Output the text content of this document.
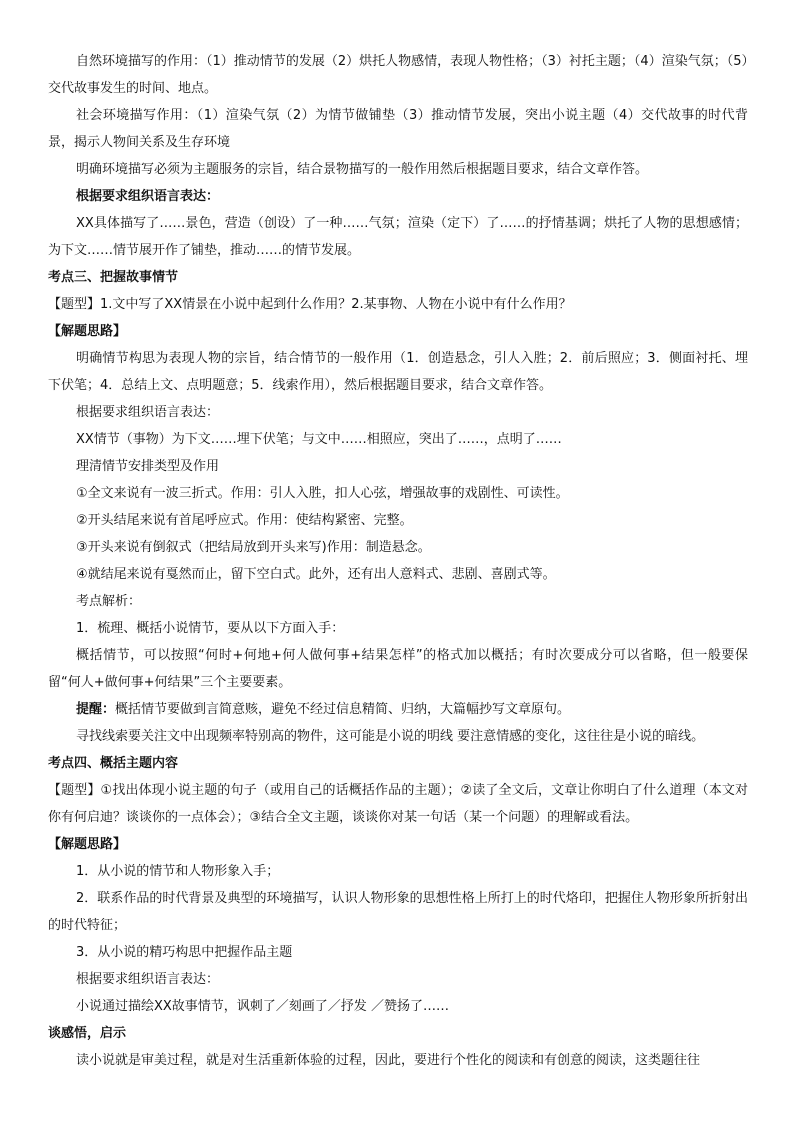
自然环境描写的作用：（1）推动情节的发展（2）烘托人物感情，表现人物性格；（3）衬托主题；（4）渲染气氛；（5）交代故事发生的时间、地点。

社会环境描写作用：（1）渲染气氛（2）为情节做铺垫（3）推动情节发展，突出小说主题（4）交代故事的时代背景，揭示人物间关系及生存环境

明确环境描写必须为主题服务的宗旨，结合景物描写的一般作用然后根据题目要求，结合文章作答。

根据要求组织语言表达：

XX具体描写了……景色，营造（创设）了一种……气氛；渲染（定下）了……的抒情基调；烘托了人物的思想感情；为下文……情节展开作了铺垫，推动……的情节发展。

考点三、把握故事情节

【题型】1.文中写了XX情景在小说中起到什么作用？2.某事物、人物在小说中有什么作用？

【解题思路】

明确情节构思为表现人物的宗旨，结合情节的一般作用（1．创造悬念，引人入胜；2．前后照应；3．侧面衬托、埋下伏笔；4．总结上文、点明题意；5．线索作用），然后根据题目要求，结合文章作答。

根据要求组织语言表达：

XX情节（事物）为下文……埋下伏笔；与文中……相照应，突出了……，点明了……

理清情节安排类型及作用

①全文来说有一波三折式。作用：引人入胜，扣人心弦，增强故事的戏剧性、可读性。

②开头结尾来说有首尾呼应式。作用：使结构紧密、完整。

③开头来说有倒叙式（把结局放到开头来写)作用：制造悬念。

④就结尾来说有戛然而止，留下空白式。此外，还有出人意料式、悲剧、喜剧式等。

考点解析：

1．梳理、概括小说情节，要从以下方面入手：

概括情节，可以按照“何时+何地+何人做何事+结果怎样”的格式加以概括；有时次要成分可以省略，但一般要保留“何人+做何事+何结果”三个主要要素。

提醒：概括情节要做到言简意赅，避免不经过信息精简、归纳，大篇幅抄写文章原句。

寻找线索要关注文中出现频率特别高的物件，这可能是小说的明线 要注意情感的变化，这往往是小说的暗线。

考点四、概括主题内容

【题型】①找出体现小说主题的句子（或用自己的话概括作品的主题）；②读了全文后，文章让你明白了什么道理（本文对你有何启迪？谈谈你的一点体会）；③结合全文主题，谈谈你对某一句话（某一个问题）的理解或看法。

【解题思路】

1．从小说的情节和人物形象入手；

2．联系作品的时代背景及典型的环境描写，认识人物形象的思想性格上所打上的时代烙印，把握住人物形象所折射出的时代特征；

3．从小说的精巧构思中把握作品主题

根据要求组织语言表达：

小说通过描绘XX故事情节，讽刺了／刻画了／抒发 ／赞扬了……

谈感悟，启示

读小说就是审美过程，就是对生活重新体验的过程，因此，要进行个性化的阅读和有创意的阅读，这类题往往
